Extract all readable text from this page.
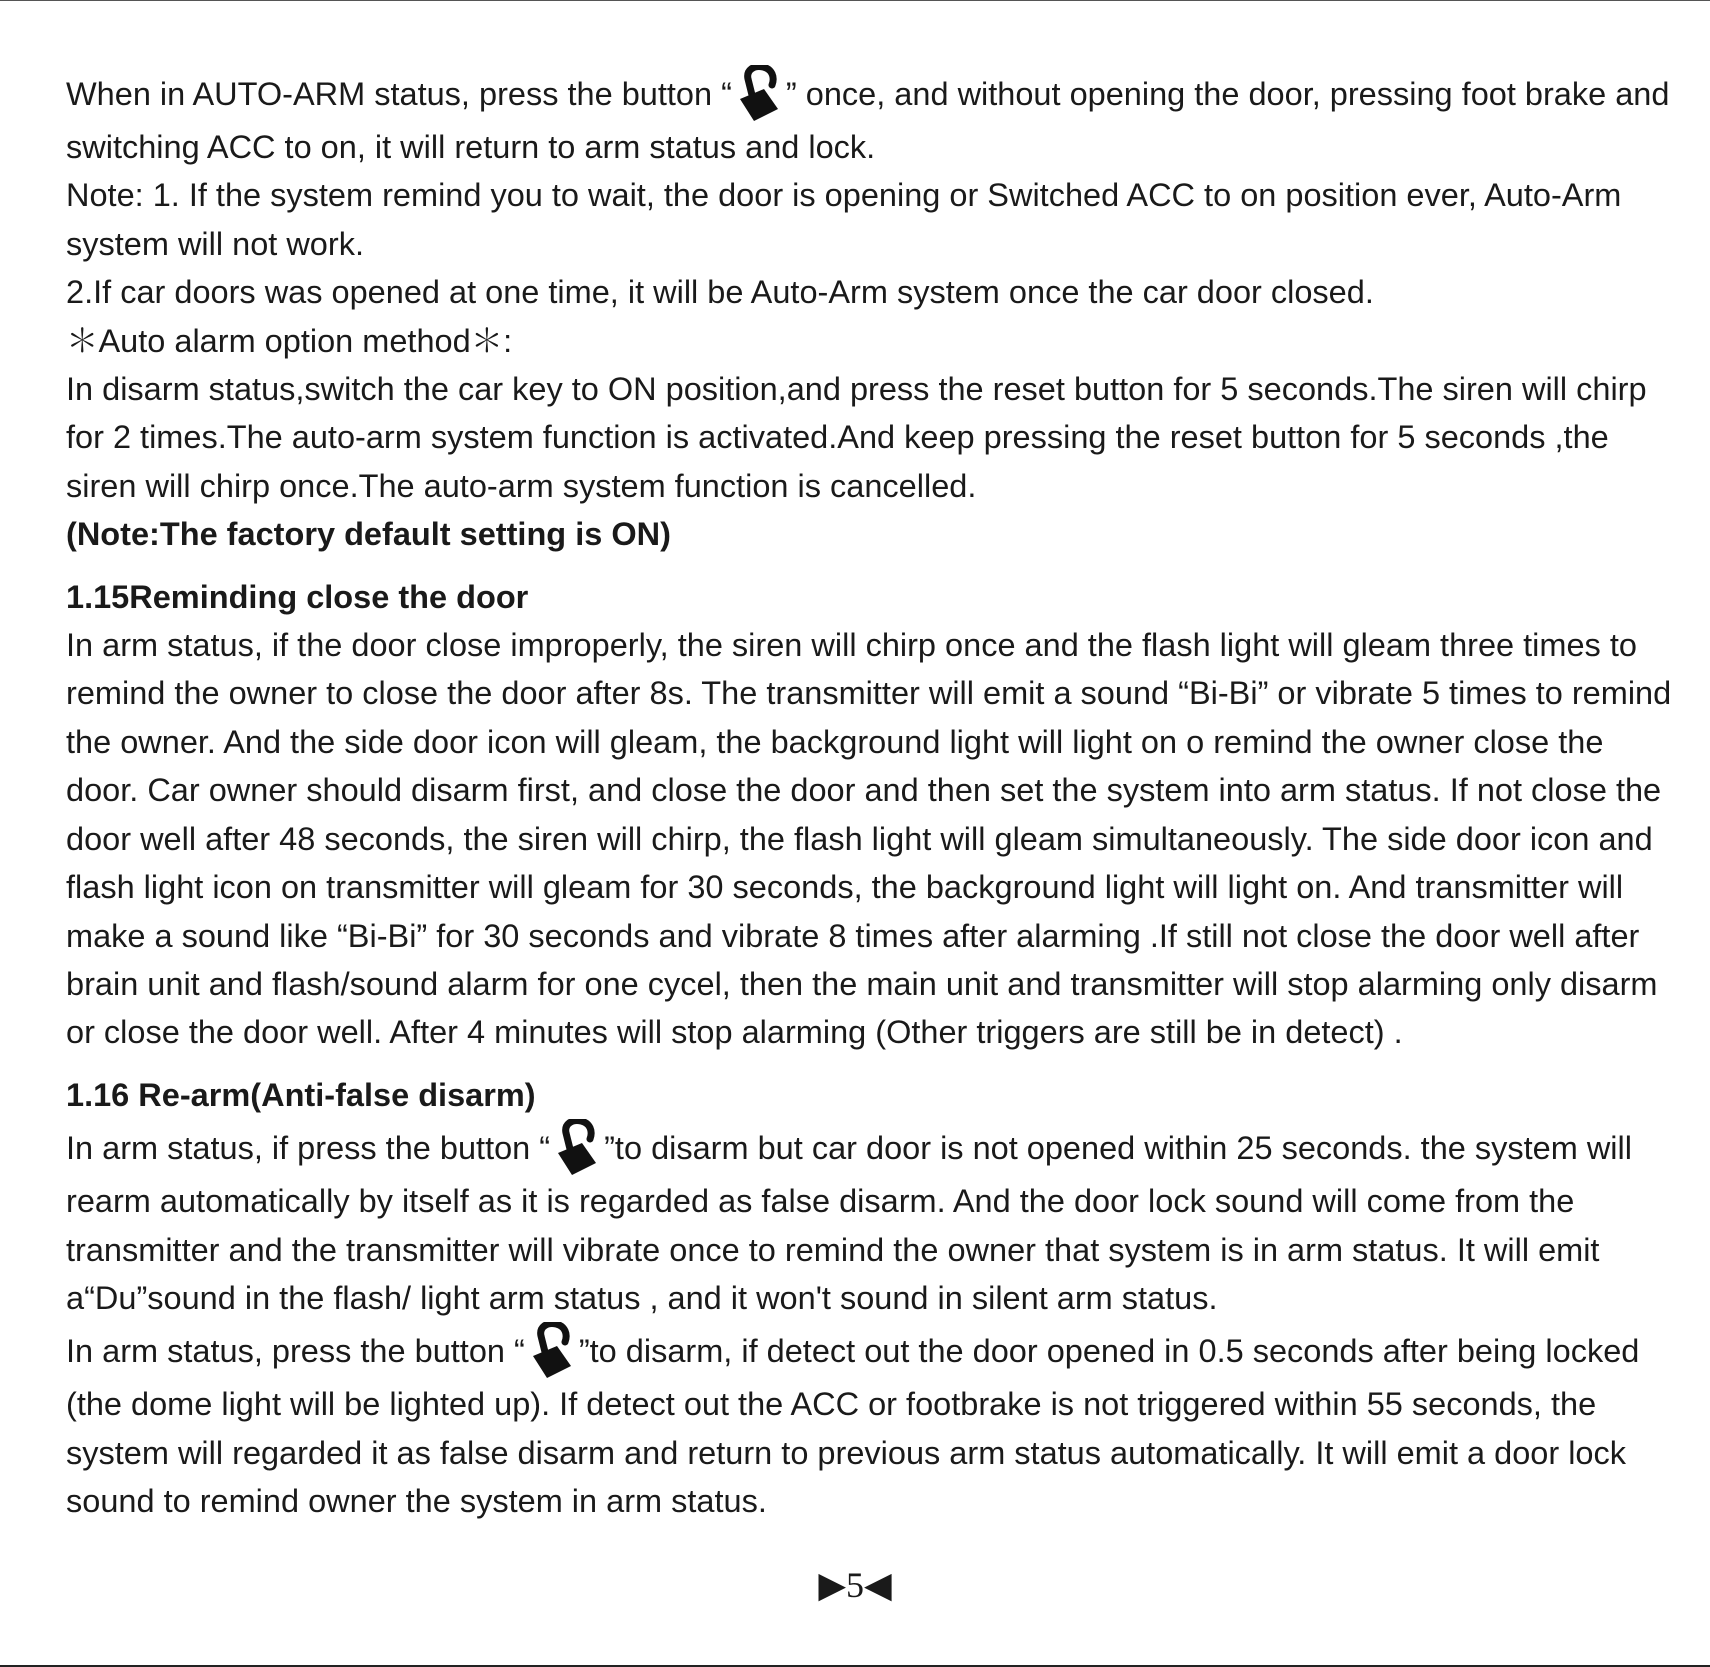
When in AUTO-ARM status, press the button “ ” once, and without opening the door, pressing foot brake and switching ACC to on, it will return to arm status and lock.

Note: 1. If the system remind you to wait, the door is opening or Switched ACC to on position ever, Auto-Arm system will not work.

2.If car doors was opened at one time, it will be Auto-Arm system once the car door closed.

＊Auto alarm option method＊:

In disarm status,switch the car key to ON position,and press the reset button for 5 seconds.The siren will chirp for 2 times.The auto-arm system function is activated.And keep pressing the reset button for 5 seconds ,the siren will chirp once.The auto-arm system function is cancelled.

(Note:The factory default setting is ON)

1.15Reminding close the door

In arm status, if the door close improperly, the siren will chirp once and the flash light will gleam three times to remind the owner to close the door after 8s. The transmitter will emit a sound “Bi-Bi” or vibrate 5 times to remind the owner. And the side door icon will gleam, the background light will light on o remind the owner close the door. Car owner should disarm first, and close the door and then set the system into arm status. If not close the door well after 48 seconds, the siren will chirp, the flash light will gleam simultaneously. The side door icon and flash light icon on transmitter will gleam for 30 seconds, the background light will light on. And transmitter will make a sound like “Bi-Bi” for 30 seconds and vibrate 8 times after alarming .If still not close the door well after brain unit and flash/sound alarm for one cycel, then the main unit and transmitter will stop alarming only disarm or close the door well. After 4 minutes will stop alarming (Other triggers are still be in detect) .

1.16 Re-arm(Anti-false disarm)

In arm status, if press the button “ ”to disarm but car door is not opened within 25 seconds. the system will rearm automatically by itself as it is regarded as false disarm. And the door lock sound will come from the transmitter and the transmitter will vibrate once to remind the owner that system is in arm status. It will emit a“Du”sound in the flash/ light arm status , and it won't sound in silent arm status.

In arm status, press the button “ ”to disarm, if detect out the door opened in 0.5 seconds after being locked (the dome light will be lighted up). If detect out the ACC or footbrake is not triggered within 55 seconds, the system will regarded it as false disarm and return to previous arm status automatically. It will emit a door lock sound to remind owner the system in arm status.

▶5◀
